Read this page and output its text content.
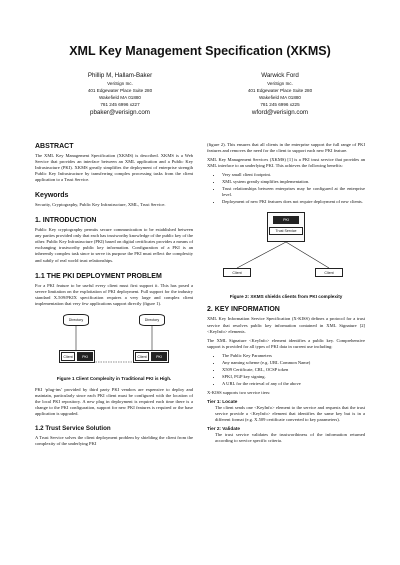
XML Key Management Specification (XKMS)
Phillip M, Hallam-Baker
VeriSign Inc.
401 Edgewater Place Suite 280
Wakefield MA 01880
781 245 6996 x227
pbaker@verisign.com
Warwick Ford
VeriSign Inc.
401 Edgewater Place Suite 280
Wakefield MA 01880
781 245 6996 x225
wford@verisign.com
ABSTRACT

The XML Key Management Specification (XKMS) is described. XKMS is a Web Service that provides an interface between an XML application and a Public Key Infrastructure (PKI). XKMS greatly simplifies the deployment of enterprise strength Public Key Infrastructure by transferring complex processing tasks from the client application to a Trust Service.

Keywords

Security, Cryptography, Public Key Infrastructure, XML, Trust Service.

1. INTRODUCTION

Public Key cryptography permits secure communication to be established between any parties provided only that each has trustworthy knowledge of the public key of the other. Public Key Infrastructure (PKI) based on digital certificates provides a means of exchanging trustworthy public key information. Configuration of a PKI is an inherently complex task since to serve its purpose the PKI must reflect the complexity and subtly of real world trust relationships.

1.1 THE PKI DEPLOYMENT PROBLEM

For a PKI feature to be useful every client must first support it. This has posed a severe limitation on the exploitation of PKI deployment. Full support for the industry standard X.509/PKIX specification requires a very large and complex client implementation that very few applications support directly (figure 1).

Directory	Directory
Client	PKI	Client	PKI
Figure 1 Client Complexity in Traditional PKI is High.

PKI ‘plug-ins’ provided by third party PKI vendors are expensive to deploy and maintain, particularly since each PKI client must be configured with the location of the local PKI repository. A new plug in deployment is required each time there is a change to the PKI configuration, support for new PKI features is required or the base application is upgraded.

1.2 Trust Service Solution

A Trust Service solves the client deployment problem by shielding the client from the complexity of the underlying PKI

(figure 2). This ensures that all clients in the enterprise support the full range of PKI features and removes the need for the client to support each new PKI feature.

XML Key Management Services (XKMS) [1] is a PKI trust service that provides an XML interface to an underlying PKI. This achieves the following benefits:

• Very small client footprint.
• XML system greatly simplifies implementation.
• Trust relationships between enterprises may be configured at the enterprise level.
• Deployment of new PKI features does not require deployment of new clients.
PKI
Trust Service
Client	Client
Figure 2: XKMS shields clients from PKI complexity
2. KEY INFORMATION

XML Key Information Service Specification (X-KISS) defines a protocol for a trust service that resolves public key information contained in XML Signature [2] <KeyInfo> elements.

The XML Signature <KeyInfo> element identifies a public key. Comprehensive support is provided for all types of PKI data in current use including:

• The Public Key Parameters
• Any naming scheme (e.g. URL Common Name)
• X509 Certificate, CRL, OCSP token
• SPKI, PGP key signing.
• A URL for the retrieval of any of the above

X-KISS supports two service tiers:

Tier 1: Locate

The client sends one <KeyInfo> element to the service and requests that the trust service provide a <KeyInfo> element that identifies the same key but is in a different format (e.g. X.509 certificate converted to key parameters).

Tier 2: Validate

The trust service validates the trustworthiness of the information returned according to service specific criteria.
